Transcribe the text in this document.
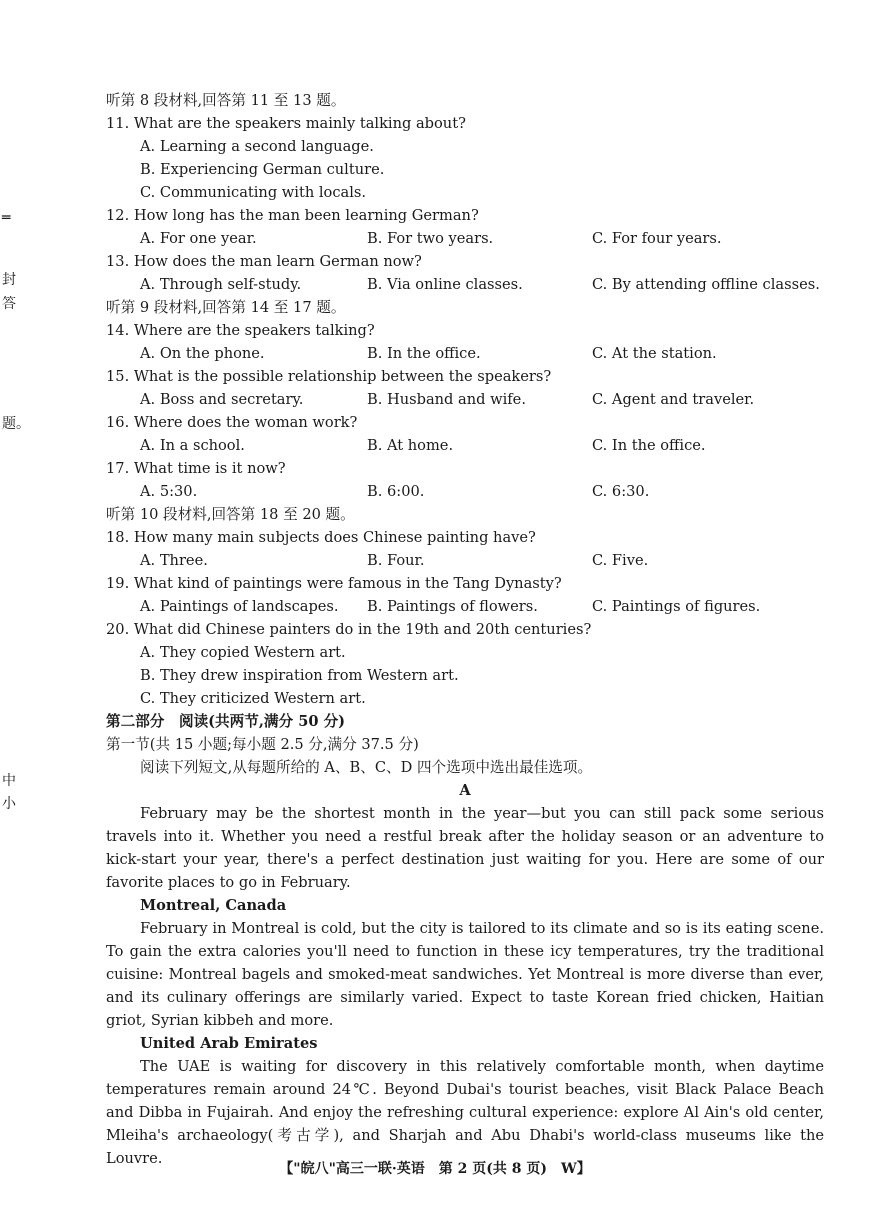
═
封
答
题。
中
小
听第 8 段材料,回答第 11 至 13 题。
11. What are the speakers mainly talking about?
A. Learning a second language.
B. Experiencing German culture.
C. Communicating with locals.
12. How long has the man been learning German?
A. For one year.	B. For two years.	C. For four years.
13. How does the man learn German now?
A. Through self-study.	B. Via online classes.	C. By attending offline classes.
听第 9 段材料,回答第 14 至 17 题。
14. Where are the speakers talking?
A. On the phone.	B. In the office.	C. At the station.
15. What is the possible relationship between the speakers?
A. Boss and secretary.	B. Husband and wife.	C. Agent and traveler.
16. Where does the woman work?
A. In a school.	B. At home.	C. In the office.
17. What time is it now?
A. 5:30.	B. 6:00.	C. 6:30.
听第 10 段材料,回答第 18 至 20 题。
18. How many main subjects does Chinese painting have?
A. Three.	B. Four.	C. Five.
19. What kind of paintings were famous in the Tang Dynasty?
A. Paintings of landscapes.	B. Paintings of flowers.	C. Paintings of figures.
20. What did Chinese painters do in the 19th and 20th centuries?
A. They copied Western art.
B. They drew inspiration from Western art.
C. They criticized Western art.
第二部分　阅读(共两节,满分 50 分)
第一节(共 15 小题;每小题 2.5 分,满分 37.5 分)
阅读下列短文,从每题所给的 A、B、C、D 四个选项中选出最佳选项。
A
February may be the shortest month in the year—but you can still pack some serious travels into it. Whether you need a restful break after the holiday season or an adventure to kick-start your year, there's a perfect destination just waiting for you. Here are some of our favorite places to go in February.
Montreal, Canada
February in Montreal is cold, but the city is tailored to its climate and so is its eating scene. To gain the extra calories you'll need to function in these icy temperatures, try the traditional cuisine: Montreal bagels and smoked-meat sandwiches. Yet Montreal is more diverse than ever, and its culinary offerings are similarly varied. Expect to taste Korean fried chicken, Haitian griot, Syrian kibbeh and more.
United Arab Emirates
The UAE is waiting for discovery in this relatively comfortable month, when daytime temperatures remain around 24℃. Beyond Dubai's tourist beaches, visit Black Palace Beach and Dibba in Fujairah. And enjoy the refreshing cultural experience: explore Al Ain's old center, Mleiha's archaeology(考古学), and Sharjah and Abu Dhabi's world-class museums like the Louvre.
【"皖八"高三一联·英语　第 2 页(共 8 页)　W】
